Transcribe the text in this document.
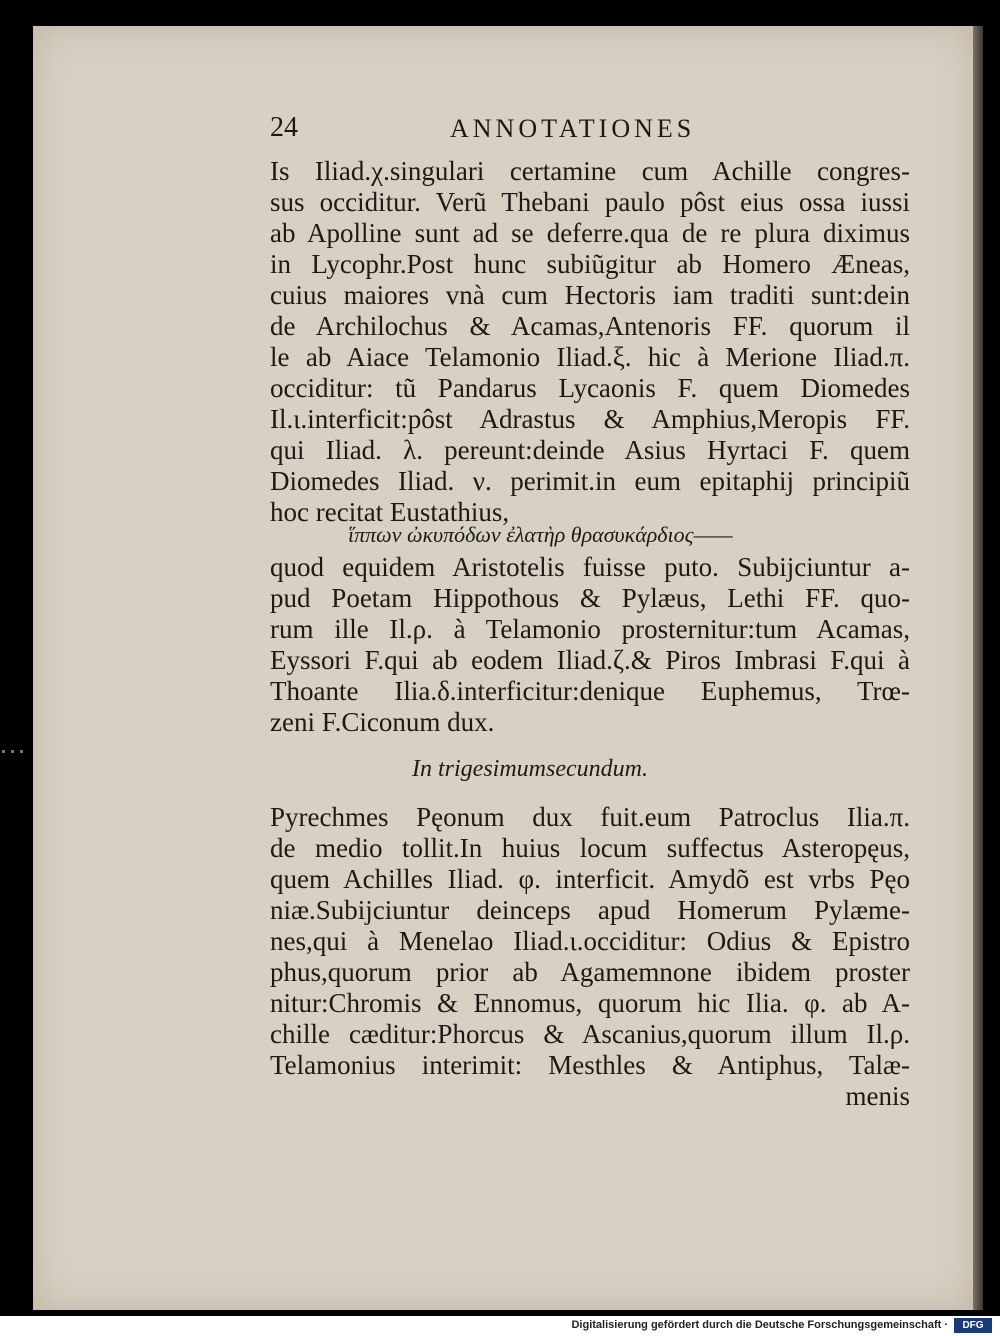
24	ANNOTATIONES
Is Iliad.χ.singulari certamine cum Achille congres-
sus occiditur. Verũ Thebani paulo pôst eius ossa iussi
ab Apolline sunt ad se deferre.qua de re plura diximus
in Lycophr.Post hunc subiũgitur ab Homero Æneas,
cuius maiores vnà cum Hectoris iam traditi sunt:dein
de Archilochus & Acamas,Antenoris FF. quorum il
le ab Aiace Telamonio Iliad.ξ. hic à Merione Iliad.π.
occiditur: tũ Pandarus Lycaonis F. quem Diomedes
Il.ι.interficit:pôst Adrastus & Amphius,Meropis FF.
qui Iliad. λ. pereunt:deinde Asius Hyrtaci F. quem
Diomedes Iliad. ν. perimit.in eum epitaphij principiũ
hoc recitat Eustathius,
ἵππων ὠκυπόδων ἐλατὴρ θρασυκάρδιος——
quod equidem Aristotelis fuisse puto. Subijciuntur a-
pud Poetam Hippothous & Pylæus, Lethi FF. quo-
rum ille Il.ρ. à Telamonio prosternitur:tum Acamas,
Eyssori F.qui ab eodem Iliad.ζ.& Piros Imbrasi F.qui à
Thoante Ilia.δ.interficitur:denique Euphemus, Trœ-
zeni F.Ciconum dux.
In trigesimumsecundum.
Pyrechmes Pęonum dux fuit.eum Patroclus Ilia.π.
de medio tollit.In huius locum suffectus Asteropęus,
quem Achilles Iliad. φ. interficit. Amydõ est vrbs Pęo
niæ.Subijciuntur deinceps apud Homerum Pylæme-
nes,qui à Menelao Iliad.ι.occiditur: Odius & Epistro
phus,quorum prior ab Agamemnone ibidem proster
nitur:Chromis & Ennomus, quorum hic Ilia. φ. ab A-
chille cæditur:Phorcus & Ascanius,quorum illum Il.ρ.
Telamonius interimit: Mesthles & Antiphus, Talæ-
menis
Digitalisierung gefördert durch die Deutsche Forschungsgemeinschaft ·	DFG
